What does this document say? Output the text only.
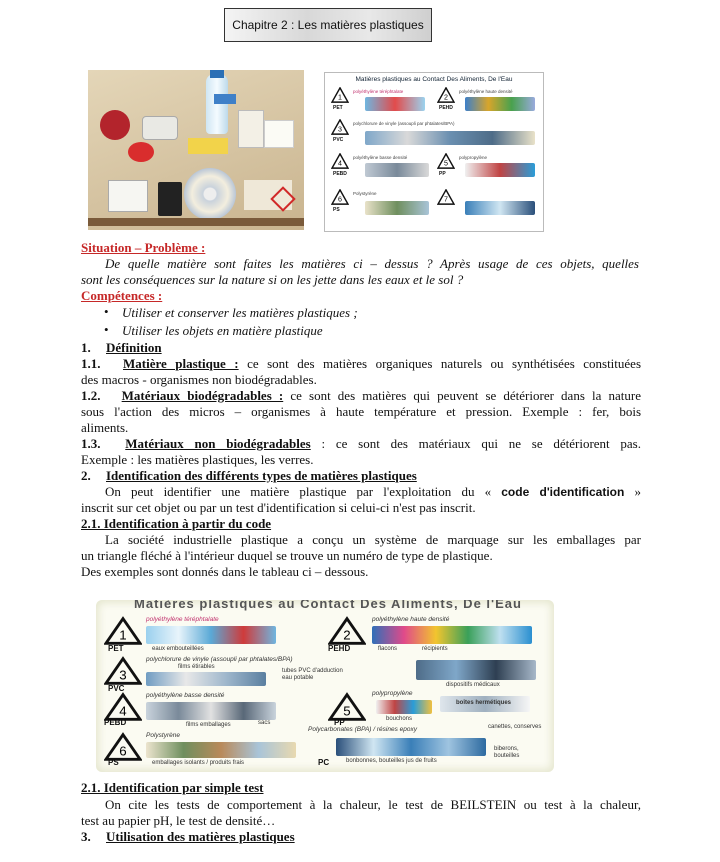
Chapitre 2 : Les matières plastiques
Matières plastiques au Contact Des Aliments, De l'Eau
1
PET
polyéthylène téréphtalate
2
PEHD
polyéthylène haute densité
3
PVC
polychlorure de vinyle (assoupli par phtalates/BPA)
4
PEBD
polyéthylène basse densité
5
PP
polypropylène
6
PS
Polystyrène
7
Situation – Problème :
De quelle matière sont faites les matières ci – dessus ? Après usage de ces objets, quelles
sont les conséquences sur la nature si on les jette dans les eaux et le sol ?
Compétences :
• Utiliser et conserver les matières plastiques ;
• Utiliser les objets en matière plastique
1. Définition
1.1. Matière plastique : ce sont des matières organiques naturels ou synthétisées constituées
des macros - organismes non biodégradables.
1.2. Matériaux biodégradables : ce sont des matières qui peuvent se détériorer dans la nature
sous l'action des micros – organismes à haute température et pression. Exemple : fer, bois
aliments.
1.3. Matériaux non biodégradables : ce sont des matériaux qui ne se détériorent pas.
Exemple : les matières plastiques, les verres.
2. Identification des différents types de matières plastiques
On peut identifier une matière plastique par l'exploitation du « code d'identification »
inscrit sur cet objet ou par un test d'identification si celui-ci n'est pas inscrit.
2.1. Identification à partir du code
La société industrielle plastique a conçu un système de marquage sur les emballages par
un triangle fléché à l'intérieur duquel se trouve un numéro de type de plastique.
Des exemples sont donnés dans le tableau ci – dessous.
Matières plastiques au Contact Des Aliments, De l'Eau
1
PET
polyéthylène téréphtalate
eaux embouteillées
2
PEHD
polyéthylène haute densité
flacons	récipients
3
PVC
polychlorure de vinyle (assoupli par phtalates/BPA)
films étirables
tubes PVC d'adduction eau potable
dispositifs médicaux
4
PEBD
polyéthylène basse densité
films emballages	sacs
5
PP
polypropylène
bouchons
boîtes hermétiques
6
PS
Polystyrène
emballages isolants / produits frais	PC
Polycarbonates (BPA) / résines epoxy	canettes, conserves
biberons, bouteilles
bonbonnes, bouteilles jus de fruits
2.1. Identification par simple test
On cite les tests de comportement à la chaleur, le test de BEILSTEIN ou test à la chaleur,
test au papier pH, le test de densité…
3. Utilisation des matières plastiques
